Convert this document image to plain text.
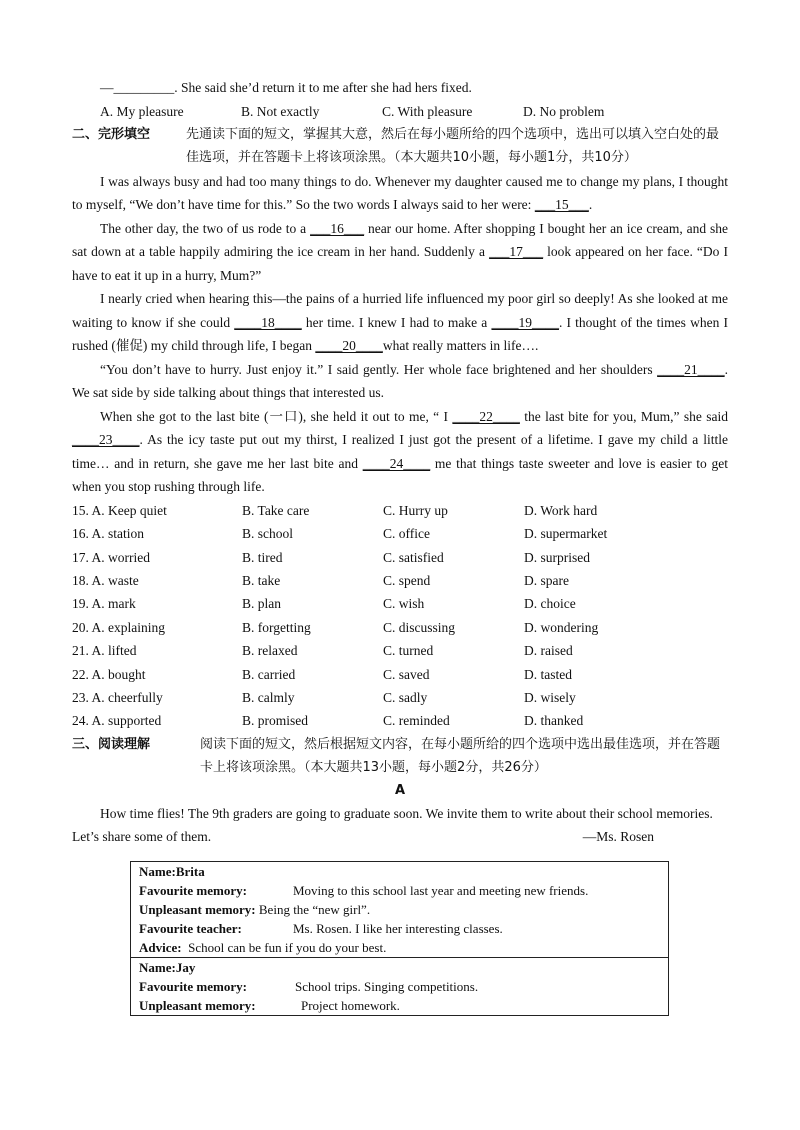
—_________. She said she’d return it to me after she had hers fixed.

A. My pleasure	B. Not exactly	C. With pleasure	D. No problem
二、完形填空	先通读下面的短文，掌握其大意，然后在每小题所给的四个选项中，选出可以填入空白处的最佳选项，并在答题卡上将该项涂黑。（本大题共10小题，每小题1分，共10分）

I was always busy and had too many things to do. Whenever my daughter caused me to change my plans, I thought to myself, “We don’t have time for this.” So the two words I always said to her were: ___15___.

The other day, the two of us rode to a ___16___ near our home. After shopping I bought her an ice cream, and she sat down at a table happily admiring the ice cream in her hand. Suddenly a ___17___ look appeared on her face. “Do I have to eat it up in a hurry, Mum?”

I nearly cried when hearing this—the pains of a hurried life influenced my poor girl so deeply! As she looked at me waiting to know if she could ____18____ her time. I knew I had to make a ____19____. I thought of the times when I rushed (催促) my child through life, I began ____20____what really matters in life….

“You don’t have to hurry. Just enjoy it.” I said gently. Her whole face brightened and her shoulders ____21____. We sat side by side talking about things that interested us.

When she got to the last bite (一口), she held it out to me, “ I ____22____ the last bite for you, Mum,” she said ____23____. As the icy taste put out my thirst, I realized I just got the present of a lifetime. I gave my child a little time… and in return, she gave me her last bite and ____24____ me that things taste sweeter and love is easier to get when you stop rushing through life.

15. A. Keep quiet	B. Take care	C. Hurry up	D. Work hard
16. A. station	B. school	C. office	D. supermarket
17. A. worried	B. tired	C. satisfied	D. surprised
18. A. waste	B. take	C. spend	D. spare
19. A. mark	B. plan	C. wish	D. choice
20. A. explaining	B. forgetting	C. discussing	D. wondering
21. A. lifted	B. relaxed	C. turned	D. raised
22. A. bought	B. carried	C. saved	D. tasted
23. A. cheerfully	B. calmly	C. sadly	D. wisely
24. A. supported	B. promised	C. reminded	D. thanked
三、阅读理解	阅读下面的短文，然后根据短文内容，在每小题所给的四个选项中选出最佳选项，并在答题卡上将该项涂黑。（本大题共13小题，每小题2分，共26分）
A

How time flies! The 9th graders are going to graduate soon. We invite them to write about their school memories.

Let’s share some of them.	—Ms. Rosen
Name: Brita
Favourite memory:	Moving to this school last year and meeting new friends.
Unpleasant memory: Being the “new girl”.
Favourite teacher:	Ms. Rosen. I like her interesting classes.
Advice: School can be fun if you do your best.

Name: Jay
Favourite memory:	School trips. Singing competitions.
Unpleasant memory:	Project homework.
